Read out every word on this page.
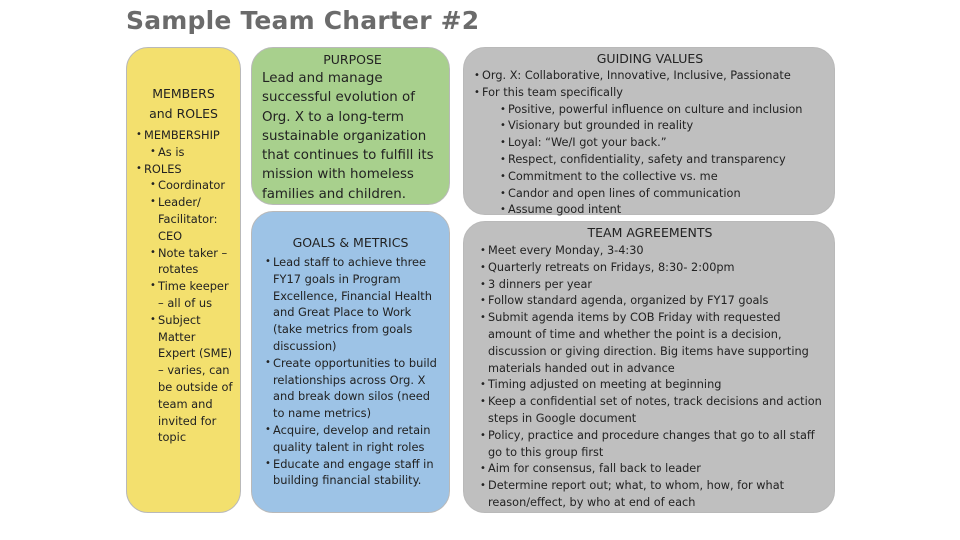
Sample Team Charter #2
MEMBERS
and ROLES
• MEMBERSHIP
• As is
• ROLES
• Coordinator
• Leader/ Facilitator: CEO
• Note taker – rotates
• Time keeper – all of us
• Subject Matter Expert (SME) – varies, can be outside of team and invited for topic
PURPOSE
Lead and manage successful evolution of Org. X to a long-term sustainable organization that continues to fulfill its mission with homeless families and children.
GOALS & METRICS
• Lead staff to achieve three FY17 goals in Program Excellence, Financial Health and Great Place to Work (take metrics from goals discussion)
• Create opportunities to build relationships across Org. X and break down silos (need to name metrics)
• Acquire, develop and retain quality talent in right roles
• Educate and engage staff in building financial stability.
GUIDING VALUES
• Org. X: Collaborative, Innovative, Inclusive, Passionate
• For this team specifically
• Positive, powerful influence on culture and inclusion
• Visionary but grounded in reality
• Loyal: “We/I got your back.”
• Respect, confidentiality, safety and transparency
• Commitment to the collective vs. me
• Candor and open lines of communication
• Assume good intent
TEAM AGREEMENTS
• Meet every Monday, 3-4:30
• Quarterly retreats on Fridays, 8:30- 2:00pm
• 3 dinners per year
• Follow standard agenda, organized by FY17 goals
• Submit agenda items by COB Friday with requested amount of time and whether the point is a decision, discussion or giving direction. Big items have supporting materials handed out in advance
• Timing adjusted on meeting at beginning
• Keep a confidential set of notes, track decisions and action steps in Google document
• Policy, practice and procedure changes that go to all staff go to this group first
• Aim for consensus, fall back to leader
• Determine report out; what, to whom, how, for what reason/effect, by who at end of each
